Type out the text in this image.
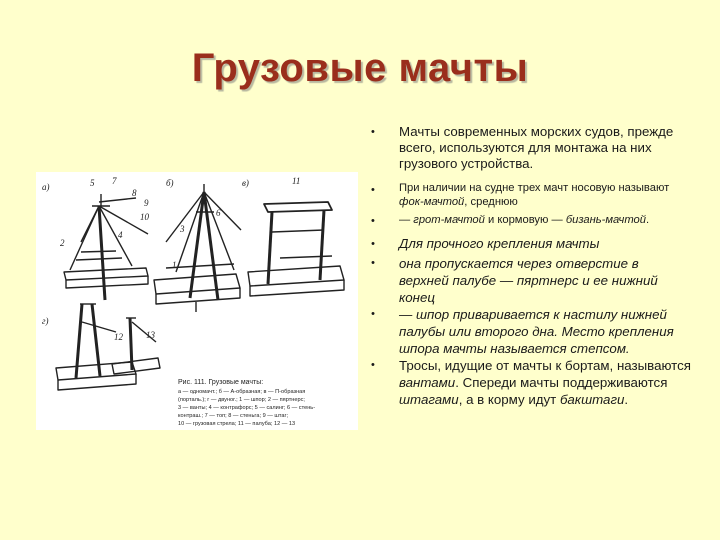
Грузовые мачты
а)	б)	в)
г)
5 7
8
9
10	6
3
4
2
1
11
12	13
Рис. 111. Грузовые мачты:
а — одномачт.; б — А-образная; в — П-образная
(порталь.); г — двуног.; 1 — шпор; 2 — пяртнерс;
3 — ванты; 4 — контрафорс; 5 — салинг; 6 — стень-
контраш.; 7 — топ; 8 — стеньга; 9 — штаг;
10 — грузовая стрела; 11 — палуба; 12 — 13
• Мачты современных морских судов, прежде всего, используются для монтажа на них грузового устройства.
• При наличии на судне трех мачт носовую называют фок-мачтой, среднюю
• — грот-мачтой и кормовую — бизань-мачтой.
• Для прочного крепления мачты
• она пропускается через отверстие в верхней палубе — пяртнерс и ее нижний конец
• — шпор приваривается к настилу нижней палубы или второго дна. Место крепления шпора мачты называется степсом.
• Тросы, идущие от мачты к бортам, называются вантами. Спереди мачты поддерживаются штагами, а в корму идут бакштаги.
